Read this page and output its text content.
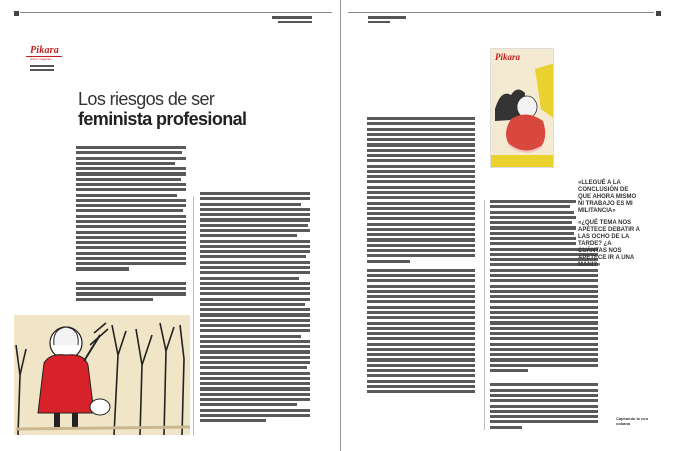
Pikara
online magazine
Los riesgos de ser
feminista profesional
Pikara

«LLEGUÉ A LA CONCLUSIÓN DE QUE AHORA MISMO NI TRABAJO ES MI MILITANCIA»

«¿QUÉ TEMA NOS APETECE DEBATIR A LAS OCHO DE LA TARDE? ¿A CUÁNTAS NOS APETECE IR A UNA MANI?»

Capeando la con cóbana
